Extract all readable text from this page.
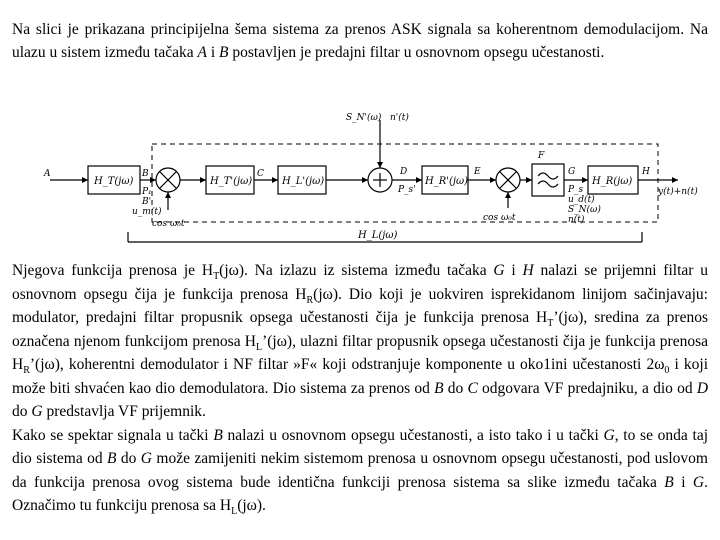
Na slici je prikazana principijelna šema sistema za prenos ASK signala sa koherentnom demodulacijom. Na ulazu u sistem između tačaka A i B postavljen je predajni filtar u osnovnom opsegu učestanosti.

A
P₁
H_T(jω)
B
B'
u_m(t)
cos ω₀t
H_T'(jω)
C
H_L'(jω)
S_N'(ω) n'(t)
D
P_s'
H_R'(jω)
E
cos ω₀t
F
G
H_R(jω)
H
y(t)+n(t)
P_s
u_d(t)
S_N(ω)
n(t)
H_L(jω)

Njegova funkcija prenosa je $H_T(j\omega)$. Na izlazu iz sistema između tačaka G i H nalazi se prijemni filtar u osnovnom opsegu čija je funkcija prenosa $H_R(j\omega)$. Dio koji je uokviren isprekidanom linijom sačinjavaju: modulator, predajni filtar propusnik opsega učestanosti čija je funkcija prenosa $H_T’(j\omega)$, sredina za prenos označena njenom funkcijom prenosa $H_L’(j\omega)$, ulazni filtar propusnik opsega učestanosti čija je funkcija prenosa $H_R’(j\omega)$, koherentni demodulator i NF filtar »F« koji odstranjuje komponente u oko1ini učestanosti $2\omega_0$ i koji može biti shvaćen kao dio demodulatora. Dio sistema za prenos od B do C odgovara VF predajniku, a dio od D do G predstavlja VF prijemnik.
Kako se spektar signala u tački B nalazi u osnovnom opsegu učestanosti, a isto tako i u tački G, to se onda taj dio sistema od B do G može zamijeniti nekim sistemom prenosa u osnovnom opsegu učestanosti, pod uslovom da funkcija prenosa ovog sistema bude identična funkciji prenosa sistema sa slike između tačaka B i G. Označimo tu funkciju prenosa sa $H_L(j\omega)$.
